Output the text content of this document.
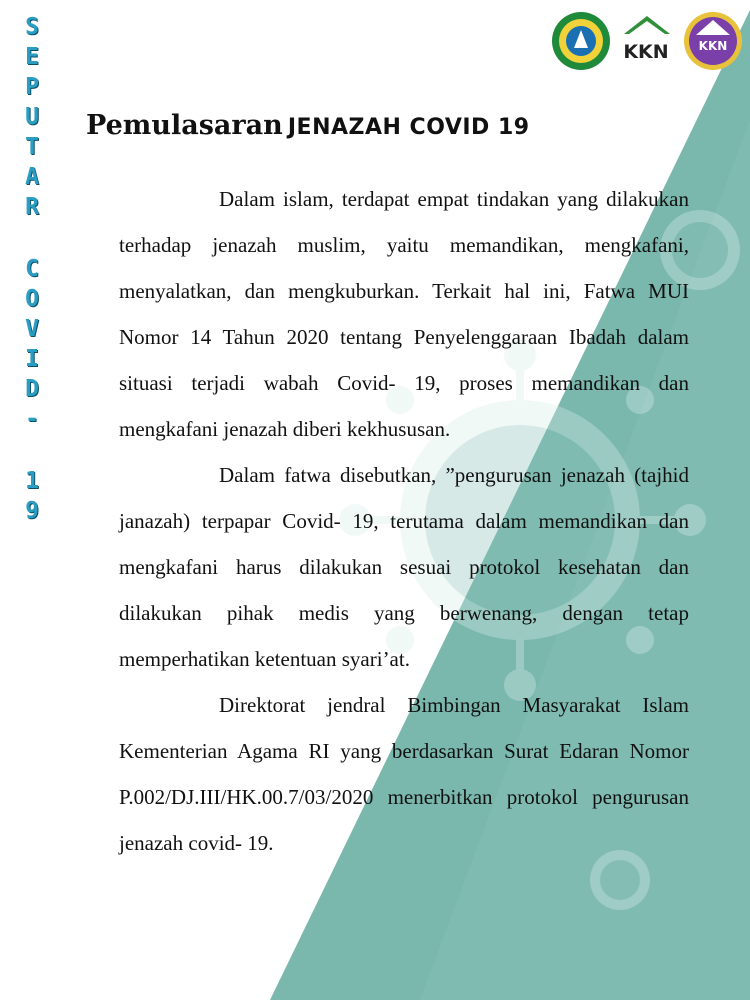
S
E
P
U
T
A
R
C
O
V
I
D
-
1
9
KKN	KKN
Pemulasaran JENAZAH COVID 19

Dalam islam, terdapat empat tindakan yang dilakukan terhadap jenazah muslim, yaitu memandikan, mengkafani, menyalatkan, dan mengkuburkan. Terkait hal ini, Fatwa MUI Nomor 14 Tahun 2020 tentang Penyelenggaraan Ibadah dalam situasi terjadi wabah Covid- 19, proses memandikan dan mengkafani jenazah diberi kekhususan.

Dalam fatwa disebutkan, ”pengurusan jenazah (tajhid janazah) terpapar Covid- 19, terutama dalam memandikan dan mengkafani harus dilakukan sesuai protokol kesehatan dan dilakukan pihak medis yang berwenang, dengan tetap memperhatikan ketentuan syari’at.

Direktorat jendral Bimbingan Masyarakat Islam Kementerian Agama RI yang berdasarkan Surat Edaran Nomor P.002/DJ.III/HK.00.7/03/2020 menerbitkan protokol pengurusan jenazah covid- 19.
